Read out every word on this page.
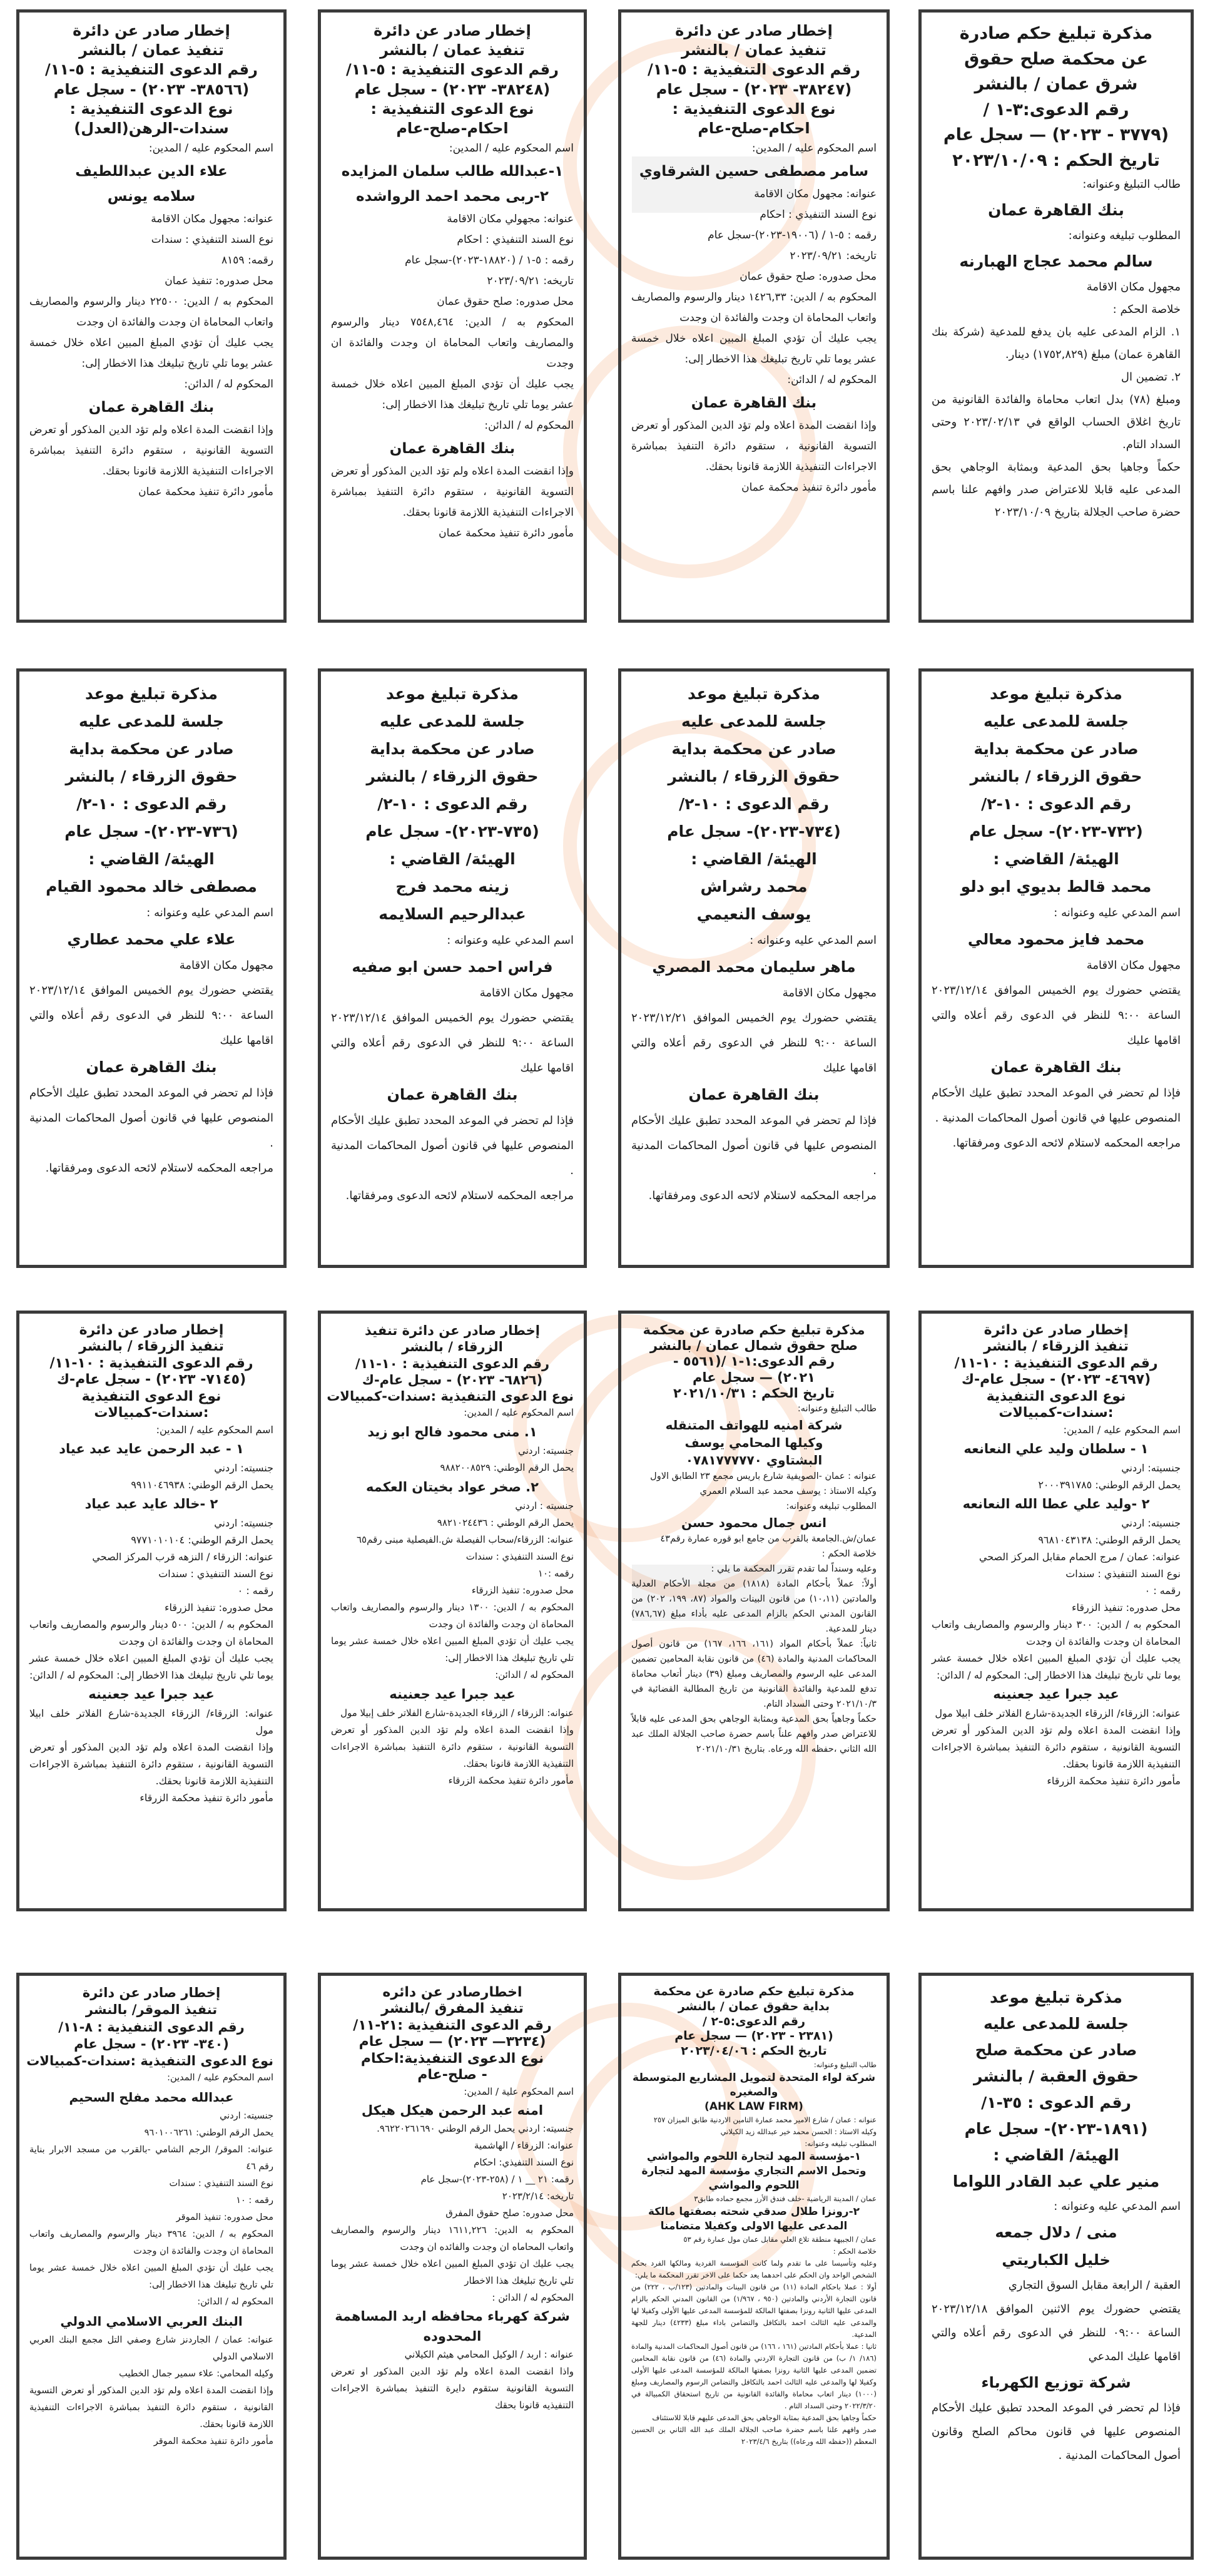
مذكرة تبليغ حكم صادرة
عن محكمة صلح حقوق
شرق عمان / بالنشر
رقم الدعوى:٣-١ /
(٣٧٧٩ - ٢٠٢٣) — سجل عام
تاريخ الحكم : ٢٠٢٣/١٠/٠٩
طالب التبليغ وعنوانه:
بنك القاهرة عمان
المطلوب تبليغه وعنوانه:
سالم محمد عجاج الهبارنه
مجهول مكان الاقامة
خلاصة الحكم :
١. الزام المدعى عليه بان يدفع للمدعية (شركة بنك القاهرة عمان) مبلغ (١٧٥٢,٨٢٩) دينار.
٢. تضمين ال
ومبلغ (٧٨) بدل اتعاب محاماة والفائدة القانونية من تاريخ اغلاق الحساب الواقع في ٢٠٢٣/٠٢/١٣ وحتى السداد التام.
حكماً وجاهيا بحق المدعية وبمثابة الوجاهي بحق المدعى عليه قابلا للاعتراض صدر وافهم علنا باسم حضرة صاحب الجلالة بتاريخ ٢٠٢٣/١٠/٠٩
إخطار صادر عن دائرة
تنفيذ عمان / بالنشر
رقم الدعوى التنفيذية : ٥-١١/
(٣٨٢٤٧- ٢٠٢٣) - سجل عام
نوع الدعوى التنفيذية :
احكام-صلح-عام
اسم المحكوم عليه / المدين:
سامر مصطفى حسين الشرقاوي
عنوانه: مجهول مكان الاقامة
نوع السند التنفيذي : احكام
رقمه : ٥-١ / (١٩٠٠٦-٢٠٢٣)-سجل عام
تاريخه: ٢٠٢٣/٠٩/٢١
محل صدوره: صلح حقوق عمان
المحكوم به / الدين: ١٤٢٦,٣٣ دينار والرسوم والمصاريف واتعاب المحاماة ان وجدت والفائدة ان وجدت
يجب عليك أن تؤدي المبلغ المبين اعلاه خلال خمسة عشر يوما تلي تاريخ تبليغك هذا الاخطار إلى:
المحكوم له / الدائن:
بنك القاهرة عمان
وإذا انقضت المدة اعلاه ولم تؤد الدين المذكور أو تعرض التسوية القانونية ، ستقوم دائرة التنفيذ بمباشرة الاجراءات التنفيذية اللازمة قانونا بحقك.
مأمور دائرة تنفيذ محكمة عمان
إخطار صادر عن دائرة
تنفيذ عمان / بالنشر
رقم الدعوى التنفيذية : ٥-١١/
(٣٨٢٤٨- ٢٠٢٣) - سجل عام
نوع الدعوى التنفيذية :
احكام-صلح-عام
اسم المحكوم عليه / المدين:
١-عبدالله طالب سلمان المزايده
٢-ربى محمد احمد الرواشده
عنوانه: مجهولي مكان الاقامة
نوع السند التنفيذي : احكام
رقمه : ٥-١ / (١٨٨٢٠-٢٠٢٣)-سجل عام
تاريخه: ٢٠٢٣/٠٩/٢١
محل صدوره: صلح حقوق عمان
المحكوم به / الدين: ٧٥٤٨,٤٦٤ دينار والرسوم والمصاريف واتعاب المحاماة ان وجدت والفائدة ان وجدت
يجب عليك أن تؤدي المبلغ المبين اعلاه خلال خمسة عشر يوما تلي تاريخ تبليغك هذا الاخطار إلى:
المحكوم له / الدائن:
بنك القاهرة عمان
وإذا انقضت المدة اعلاه ولم تؤد الدين المذكور أو تعرض التسوية القانونية ، ستقوم دائرة التنفيذ بمباشرة الاجراءات التنفيذية اللازمة قانونا بحقك.
مأمور دائرة تنفيذ محكمة عمان
إخطار صادر عن دائرة
تنفيذ عمان / بالنشر
رقم الدعوى التنفيذية : ٥-١١/
(٣٨٥٦٦- ٢٠٢٣) - سجل عام
نوع الدعوى التنفيذية :
سندات-الرهن(العدل)
اسم المحكوم عليه / المدين:
علاء الدين عبداللطيف
سلامه يونس
عنوانه: مجهول مكان الاقامة
نوع السند التنفيذي : سندات
رقمه: ٨١٥٩
محل صدوره: تنفيذ عمان
المحكوم به / الدين: ٢٢٥٠٠ دينار والرسوم والمصاريف واتعاب المحاماة ان وجدت والفائدة ان وجدت
يجب عليك أن تؤدي المبلغ المبين اعلاه خلال خمسة عشر يوما تلي تاريخ تبليغك هذا الاخطار إلى:
المحكوم له / الدائن:
بنك القاهرة عمان
وإذا انقضت المدة اعلاه ولم تؤد الدين المذكور أو تعرض التسوية القانونية ، ستقوم دائرة التنفيذ بمباشرة الاجراءات التنفيذية اللازمة قانونا بحقك.
مأمور دائرة تنفيذ محكمة عمان
مذكرة تبليغ موعد
جلسة للمدعى عليه
صادر عن محكمة بداية
حقوق الزرقاء / بالنشر
رقم الدعوى : ١٠-٢/
(٧٣٢-٢٠٢٣)- سجل عام
الهيئة/ القاضي :
محمد قالط بديوي ابو دلو
اسم المدعي عليه وعنوانه :
محمد فايز محمود معالي
مجهول مكان الاقامة
يقتضي حضورك يوم الخميس الموافق ٢٠٢٣/١٢/١٤ الساعة ٩:٠٠ للنظر في الدعوى رقم أعلاه والتي اقامها عليك
بنك القاهرة عمان
فإذا لم تحضر في الموعد المحدد تطبق عليك الأحكام المنصوص عليها في قانون أصول المحاكمات المدنية .
مراجعه المحكمه لاستلام لائحه الدعوى ومرفقاتها.
مذكرة تبليغ موعد
جلسة للمدعى عليه
صادر عن محكمة بداية
حقوق الزرقاء / بالنشر
رقم الدعوى : ١٠-٢/
(٧٣٤-٢٠٢٣)- سجل عام
الهيئة/ القاضي :
محمد رشراش
يوسف النعيمي
اسم المدعي عليه وعنوانه :
ماهر سليمان محمد المصري
مجهول مكان الاقامة
يقتضي حضورك يوم الخميس الموافق ٢٠٢٣/١٢/٢١ الساعة ٩:٠٠ للنظر في الدعوى رقم أعلاه والتي اقامها عليك
بنك القاهرة عمان
فإذا لم تحضر في الموعد المحدد تطبق عليك الأحكام المنصوص عليها في قانون أصول المحاكمات المدنية .
مراجعه المحكمه لاستلام لائحه الدعوى ومرفقاتها.
مذكرة تبليغ موعد
جلسة للمدعى عليه
صادر عن محكمة بداية
حقوق الزرقاء / بالنشر
رقم الدعوى : ١٠-٢/
(٧٣٥-٢٠٢٣)- سجل عام
الهيئة/ القاضي :
زينه محمد فرج
عبدالرحيم السلايمه
اسم المدعي عليه وعنوانه :
فراس احمد حسن ابو صفيه
مجهول مكان الاقامة
يقتضي حضورك يوم الخميس الموافق ٢٠٢٣/١٢/١٤ الساعة ٩:٠٠ للنظر في الدعوى رقم أعلاه والتي اقامها عليك
بنك القاهرة عمان
فإذا لم تحضر في الموعد المحدد تطبق عليك الأحكام المنصوص عليها في قانون أصول المحاكمات المدنية .
مراجعه المحكمه لاستلام لائحه الدعوى ومرفقاتها.
مذكرة تبليغ موعد
جلسة للمدعى عليه
صادر عن محكمة بداية
حقوق الزرقاء / بالنشر
رقم الدعوى : ١٠-٢/
(٧٣٦-٢٠٢٣)- سجل عام
الهيئة/ القاضي :
مصطفى خالد محمود القيام
اسم المدعي عليه وعنوانه :
علاء علي محمد عطاري
مجهول مكان الاقامة
يقتضي حضورك يوم الخميس الموافق ٢٠٢٣/١٢/١٤ الساعة ٩:٠٠ للنظر في الدعوى رقم أعلاه والتي اقامها عليك
بنك القاهرة عمان
فإذا لم تحضر في الموعد المحدد تطبق عليك الأحكام المنصوص عليها في قانون أصول المحاكمات المدنية .
مراجعه المحكمه لاستلام لائحه الدعوى ومرفقاتها.
إخطار صادر عن دائرة
تنفيذ الزرقاء / بالنشر
رقم الدعوى التنفيذية : ١٠-١١/
(٤٦٩٧- ٢٠٢٣) - سجل عام-ك
نوع الدعوى التنفيذية
:سندات-كمبيالات
اسم المحكوم عليه / المدين:
١ - سلطان وليد علي النعانعه
جنسيته: اردني
يحمل الرقم الوطني: ٢٠٠٠٣٩١٧٨٥
٢ -وليد علي عطا الله النعانعه
جنسيته: اردني
يحمل الرقم الوطني: ٩٦٨١٠٤٣١٣٨
عنوانه: عمان / مرج الحمام مقابل المركز الصحي
نوع السند التنفيذي : سندات
رقمه : ٠
محل صدوره: تنفيذ الزرقاء
المحكوم به / الدين: ٣٠٠ دينار والرسوم والمصاريف واتعاب المحاماة ان وجدت والفائدة ان وجدت
يجب عليك أن تؤدي المبلغ المبين اعلاه خلال خمسة عشر يوما تلي تاريخ تبليغك هذا الاخطار إلى: المحكوم له / الدائن:
عيد جبرا عيد جعنينه
عنوانه: الزرقاء/ الزرقاء الجديدة-شارع الفلاتر خلف ابيلا مول
وإذا انقضت المدة اعلاه ولم تؤد الدين المذكور أو تعرض التسوية القانونية ، ستقوم دائرة التنفيذ بمباشرة الاجراءات التنفيذية اللازمة قانونا بحقك.
مأمور دائرة تنفيذ محكمة الزرقاء
مذكرة تبليغ حكم صادرة عن محكمة
صلح حقوق شمال عمان / بالنشر
رقم الدعوى:١-١ /(٥٥٦١ -
٢٠٢١) — سجل عام
تاريخ الحكم : ٢٠٢١/١٠/٣١
طالب التبليغ وعنوانه:
شركة امنيه للهواتف المتنقله
وكيلها المحامي يوسف
البشتاوي ٠٧٨١٧٧٧٧٧٠
عنوانه : عمان -الصويفية شارع باريس مجمع ٢٣ الطابق الاول
وكيله الاستاذ : يوسف محمد عبد السلام العمري
المطلوب تبليغه وعنوانه:
انس جمال محمود حسن
عمان/ش.الجامعة بالقرب من جامع ابو قوره عمارة رقم٤٣
خلاصة الحكم :
وعليه وسنداً لما تقدم تقرر المحكمة ما يلي :
أولاً: عملاً بأحكام المادة (١٨١٨) من مجلة الأحكام العدلية والمادتين (١٠،١١) من قانون البينات والمواد (٨٧، ١٩٩، ٢٠٢) من القانون المدني الحكم بالزام المدعى عليه بأداء مبلغ (٧٨٦,٦٧) دينار للمدعية.
ثانياً: عملاً بأحكام المواد (١٦١، ١٦٦، ١٦٧) من قانون أصول المحاكمات المدنية والمادة (٤٦) من قانون نقابة المحامين تضمين المدعى عليه الرسوم والمصاريف ومبلغ (٣٩) دينار أتعاب محاماة تدفع للمدعية والفائدة القانونية من تاريخ المطالبة القضائية في ٢٠٢١/١٠/٣ وحتى السداد التام.
حكماً وجاهياً بحق المدعية وبمثابة الوجاهي بحق المدعى عليه قابلاً للاعتراض صدر وافهم علناً باسم حضرة صاحب الجلالة الملك عبد الله الثاني ،حفظه الله ورعاه. بتاريخ ٢٠٢١/١٠/٣١
إخطار صادر عن دائرة تنفيذ
الزرقاء / بالنشر
رقم الدعوى التنفيذية : ١٠-١١/
(٦٨٢٦- ٢٠٢٣) - سجل عام-ك
نوع الدعوى التنفيذية :سندات-كمبيالات
اسم المحكوم عليه / المدين:
١. منى محمود فالح ابو زيد
جنسيته: اردني
يحمل الرقم الوطني: ٩٨٨٢٠٠٨٥٢٩
٢. صخر عواد بخيتان العكمه
جنسيته : اردني
يحمل الرقم الوطني : ٩٨٢١٠٢٤٤٣٦
عنوانه: الزرقاء/سحاب الفيصلة ش.الفيصلية مبنى رقم٦٥
نوع السند التنفيذي : سندات
رقمه :١٠
محل صدوره: تنفيذ الزرقاء
المحكوم به / الدين: ١٣٠٠ دينار والرسوم والمصاريف واتعاب المحاماة ان وجدت والفائدة ان وجدت
يجب عليك أن تؤدي المبلغ المبين اعلاه خلال خمسة عشر يوما تلي تاريخ تبليغك هذا الاخطار إلى:
المحكوم له / الدائن:
عيد جبرا عيد جعنينه
عنوانه: الزرقاء / الزرقاء الجديدة-شارع الفلاتر خلف إبيلا مول
وإذا انقضت المدة اعلاه ولم تؤد الدين المذكور أو تعرض التسوية القانونية ، ستقوم دائرة التنفيذ بمباشرة الاجراءات التنفيذية اللازمة قانونا بحقك.
مأمور دائرة تنفيذ محكمة الزرقاء
إخطار صادر عن دائرة
تنفيذ الزرقاء / بالنشر
رقم الدعوى التنفيذية : ١٠-١١/
(٧١٤٥- ٢٠٢٣) - سجل عام-ك
نوع الدعوى التنفيذية
:سندات-كمبيالات
اسم المحكوم عليه / المدين:
١ - عبد الرحمن عايد عبد عياد
جنسيته: اردني
يحمل الرقم الوطني: ٩٩١١٠٤٦٩٣٨
٢ -خالد عايد عبد عياد
جنسيته: اردني
يحمل الرقم الوطني: ٩٧٧١٠١٠١٠٤
عنوانه: الزرقاء / النزهه قرب المركز الصحي
نوع السند التنفيذي : سندات
رقمه : ٠
محل صدوره: تنفيذ الزرقاء
المحكوم به / الدين: ٥٠٠ دينار والرسوم والمصاريف واتعاب المحاماة ان وجدت والفائدة ان وجدت
يجب عليك أن تؤدي المبلغ المبين اعلاه خلال خمسة عشر يوما تلي تاريخ تبليغك هذا الاخطار إلى: المحكوم له / الدائن:
عيد جبرا عيد جعنينه
عنوانه: الزرقاء/ الزرقاء الجديدة-شارع الفلاتر خلف ابيلا مول
وإذا انقضت المدة اعلاه ولم تؤد الدين المذكور أو تعرض التسوية القانونية ، ستقوم دائرة التنفيذ بمباشرة الاجراءات التنفيذية اللازمة قانونا بحقك.
مأمور دائرة تنفيذ محكمة الزرقاء
مذكرة تبليغ موعد
جلسة للمدعى عليه
صادر عن محكمة صلح
حقوق العقبة / بالنشر
رقم الدعوى : ٣٥-١/
(١٨٩١-٢٠٢٣)- سجل عام
الهيئة/ القاضي :
منير علي عبد القادر اللواما
اسم المدعي عليه وعنوانه :
منى / دلال جمعه
خليل الكباريتي
العقبة / الرابعة مقابل السوق التجاري
يقتضي حضورك يوم الاثنين الموافق ٢٠٢٣/١٢/١٨ الساعة ٠٩:٠٠ للنظر في الدعوى رقم أعلاه والتي اقامها عليك المدعي
شركة توزيع الكهرباء
فإذا لم تحضر في الموعد المحدد تطبق عليك الأحكام المنصوص عليها في قانون محاكم الصلح وقانون أصول المحاكمات المدنية .
مذكرة تبليغ حكم صادرة عن محكمة
بداية حقوق عمان / بالنشر
رقم الدعوى:٥-٢ /
(٢٣٨١ - ٢٠٢٣) — سجل عام
تاريخ الحكم : ٢٠٢٣/٠٤/٠٦
طالب التبليغ وعنوانه:
شركة لواء المتحدة لتمويل المشاريع المتوسطة والصغيره
(AHK LAW FIRM)
عنوانه : عمان / شارع الامير محمد عمارة التامين الاردنية طابق الميزان ٢٥٧
وكيله الاستاذ : الحسن محمد خير عبدالله زيد الكيلاني
المطلوب تبليغه وعنوانه:
١-مؤسسة المهد لتجارة اللحوم والمواشي وتحمل الاسم التجاري مؤسسة المهد لتجارة اللحوم والمواشي
عمان / المدينة الرياضية -خلف فندق الأرز مجمع حماده طابق٣
٢-رونزا طلال صدقي شحته بصفتها مالكة المدعى عليها الاولى وكفيلا متضامنا
عمان / الجبيهة منطقة تلاع العلي مقابل عمان مول عمارة رقم ٥٣
خلاصة الحكم :
وعليه وتأسيسا على ما تقدم ولما كانت المؤسسة الفردية ومالكها الفرد بحكم الشخص الواحد وان الحكم على احدهما يعد حكما على الاخر تقرر المحكمة ما يلي:
أولا : عملا باحكام المادة (١١) من قانون البينات والمادتين (١٢٣/ب ، ٢٢٢) من قانون التجارة الأردني والمادتين (٩٥٠ ، ١/٩٦٧) من القانون المدني الحكم بالزام المدعى عليها الثانية رونزا بصفتها المالكة للمؤسسة المدعى عليها الأولى وكفيلا لها والمدعى عليه الثالث احمد بالتكافل والتضامن باداء مبلغ (٤٢٣٣) دينار للجهة المدعية.
ثانيا : عملا بأحكام المادتين (١٦١ ، ١٦٦) من قانون أصول المحاكمات المدنية والمادة (١٨٦/ ١/ ب) من قانون التجارة الاردني والمادة (٤٦) من قانون نقابة المحامين تضمين المدعى عليها الثانية رونزا بصفتها المالكة للمؤسسة المدعى عليها الأولى وكفيلا لها والمدعى عليه الثالث احمد بالتكافل والتضامن الرسوم والمصاريف ومبلغ (١٠٠٠) دينار اتعاب محاماة والفائدة القانونية من تاريخ استحقاق الكمبيالة في ٢٠٢٢/٣/٢٠ وحتى السداد التام .
حكماً وجاهيا بحق المدعية بمثابة الوجاهي بحق المدعى عليهم قابلا للاستئناف
صدر وافهم علنا باسم حضرة صاحب الجلالة الملك عبد الله الثاني بن الحسين المعظم ((حفظه الله ورعاه)) بتاريخ ٢٠٢٣/٤/٦
اخطارصادر عن دائره
تنفيذ المفرق /بالنشر
رقم الدعوى التنفيذية :٢١-١١/
(٣٢٣٤— ٢٠٢٣) — سجل عام
نوع الدعوى التنفيذية:احكام
- صلح-عام
اسم المحكوم علية / المدين:
امنه عبد الرحمن هيكل هيكل
جنسيته: اردني يحمل الرقم الوطني ٩٦٢٢٠٢٦١٦٩٠.
عنوانه: الزرقاء / الهاشمية
نوع السند التنفيذي: احكام
رقمه: ٢١ __ ١ / (٢٥٨-٢٠٢٣)-سجل عام
تاريخه: ٢٠٢٣/٢/١٤
محل صدوره: صلح حقوق المفرق
المحكوم به الدين: ١٦١١,٢٢٦ دينار والرسوم والمصاريف واتعاب المحاماه ان وجدت والفائده ان وجدت
يجب عليك ان تؤدي المبلغ المبين اعلاه خلال خمسة عشر يوما تلي تاريخ تبليغك هذا الاخطار
المحكوم له / الدائن :
شركة كهرباء محافظه اربد المساهمة المحدوده
عنوانه : اربد / الوكيل المحامي هيثم الكيلاني
واذا انقضت المدة اعلاه ولم تؤد الدين المذكور او تعرض التسوية القانونية ستقوم دايرة التنفيذ بمباشرة الاجراءات التنفيذيه قانونا بحقك
إخطار صادر عن دائرة
تنفيذ الموقر/ بالنشر
رقم الدعوى التنفيذية : ٨-١١/
(٣٤٠- ٢٠٢٣) - سجل عام
نوع الدعوى التنفيذية :سندات-كمبيالات
اسم المحكوم عليه / المدين:
عبدالله محمد مفلح السحيم
جنسيته: اردني
يحمل الرقم الوطني: ٩٦٠١٠٠٦٢٦١
عنوانه: الموقر/ الرجم الشامي -بالقرب من مسجد الابرار بناية رقم ٤٦
نوع السند التنفيذي : سندات
رقمه : ١٠
محل صدوره: تنفيذ الموقر
المحكوم به / الدين: ٣٩٦٤ دينار والرسوم والمصاريف واتعاب المحاماة ان وجدت والفائدة ان وجدت
يجب عليك أن تؤدي المبلغ المبين اعلاه خلال خمسة عشر يوما تلي تاريخ تبليغك هذا الاخطار إلى:
المحكوم له / الدائن:
البنك العربي الاسلامي الدولي
عنوانه: عمان / الجاردنز شارع وصفي التل مجمع البنك العربي الاسلامي الدولي
وكيله المحامي: علاء سمير جمال الخطيب
وإذا انقضت المدة اعلاه ولم تؤد الدين المذكور أو تعرض التسوية القانونية ، ستقوم دائرة التنفيذ بمباشرة الاجراءات التنفيذية اللازمة قانونا بحقك.
مأمور دائرة تنفيذ محكمة الموقر
